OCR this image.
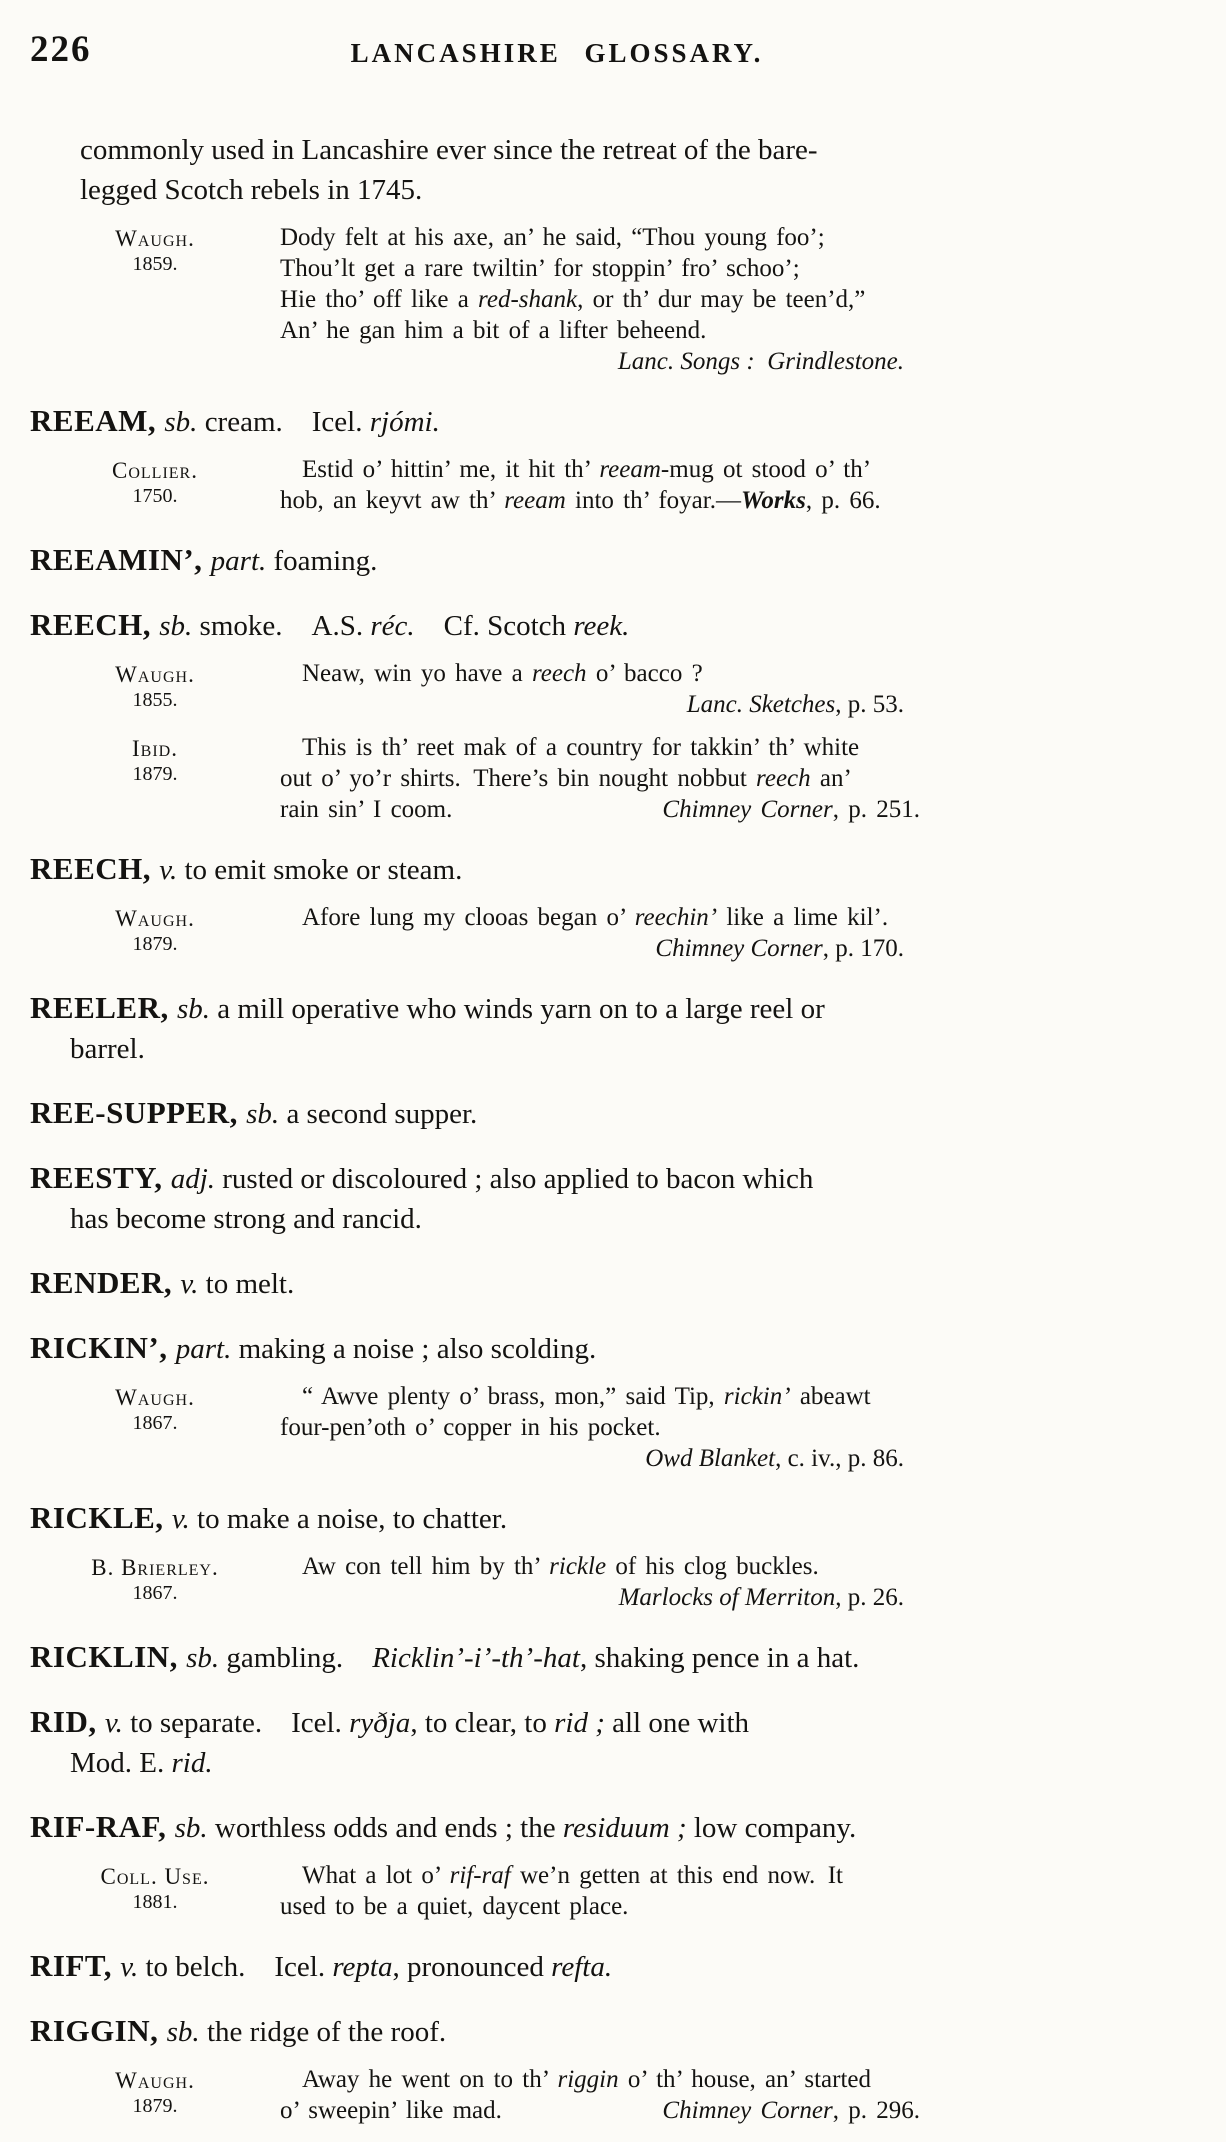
226	LANCASHIRE GLOSSARY.
commonly used in Lancashire ever since the retreat of the bare-
legged Scotch rebels in 1745.
Waugh.
1859.
Dody felt at his axe, an’ he said, “Thou young foo’;
Thou’lt get a rare twiltin’ for stoppin’ fro’ schoo’;
Hie tho’ off like a red-shank, or th’ dur may be teen’d,”
An’ he gan him a bit of a lifter beheend.
Lanc. Songs : Grindlestone.
REEAM, sb. cream. Icel. rjómi.
Collier.
1750.
Estid o’ hittin’ me, it hit th’ reeam-mug ot stood o’ th’
hob, an keyvt aw th’ reeam into th’ foyar.—Works, p. 66.
REEAMIN’, part. foaming.
REECH, sb. smoke. A.S. réc. Cf. Scotch reek.
Waugh.
1855.
Neaw, win yo have a reech o’ bacco ?
Lanc. Sketches, p. 53.
Ibid.
1879.
This is th’ reet mak of a country for takkin’ th’ white
out o’ yo’r shirts. There’s bin nought nobbut reech an’
rain sin’ I coom.	Chimney Corner, p. 251.
REECH, v. to emit smoke or steam.
Waugh.
1879.
Afore lung my clooas began o’ reechin’ like a lime kil’.
Chimney Corner, p. 170.
REELER, sb. a mill operative who winds yarn on to a large reel or
barrel.
REE-SUPPER, sb. a second supper.
REESTY, adj. rusted or discoloured ; also applied to bacon which
has become strong and rancid.
RENDER, v. to melt.
RICKIN’, part. making a noise ; also scolding.
Waugh.
1867.
“ Awve plenty o’ brass, mon,” said Tip, rickin’ abeawt
four-pen’oth o’ copper in his pocket.
Owd Blanket, c. iv., p. 86.
RICKLE, v. to make a noise, to chatter.
B. Brierley.
1867.
Aw con tell him by th’ rickle of his clog buckles.
Marlocks of Merriton, p. 26.
RICKLIN, sb. gambling. Ricklin’-i’-th’-hat, shaking pence in a hat.
RID, v. to separate. Icel. ryðja, to clear, to rid ; all one with
Mod. E. rid.
RIF-RAF, sb. worthless odds and ends ; the residuum ; low company.
Coll. Use.
1881.
What a lot o’ rif-raf we’n getten at this end now. It
used to be a quiet, daycent place.
RIFT, v. to belch. Icel. repta, pronounced refta.
RIGGIN, sb. the ridge of the roof.
Waugh.
1879.
Away he went on to th’ riggin o’ th’ house, an’ started
o’ sweepin’ like mad.	Chimney Corner, p. 296.
